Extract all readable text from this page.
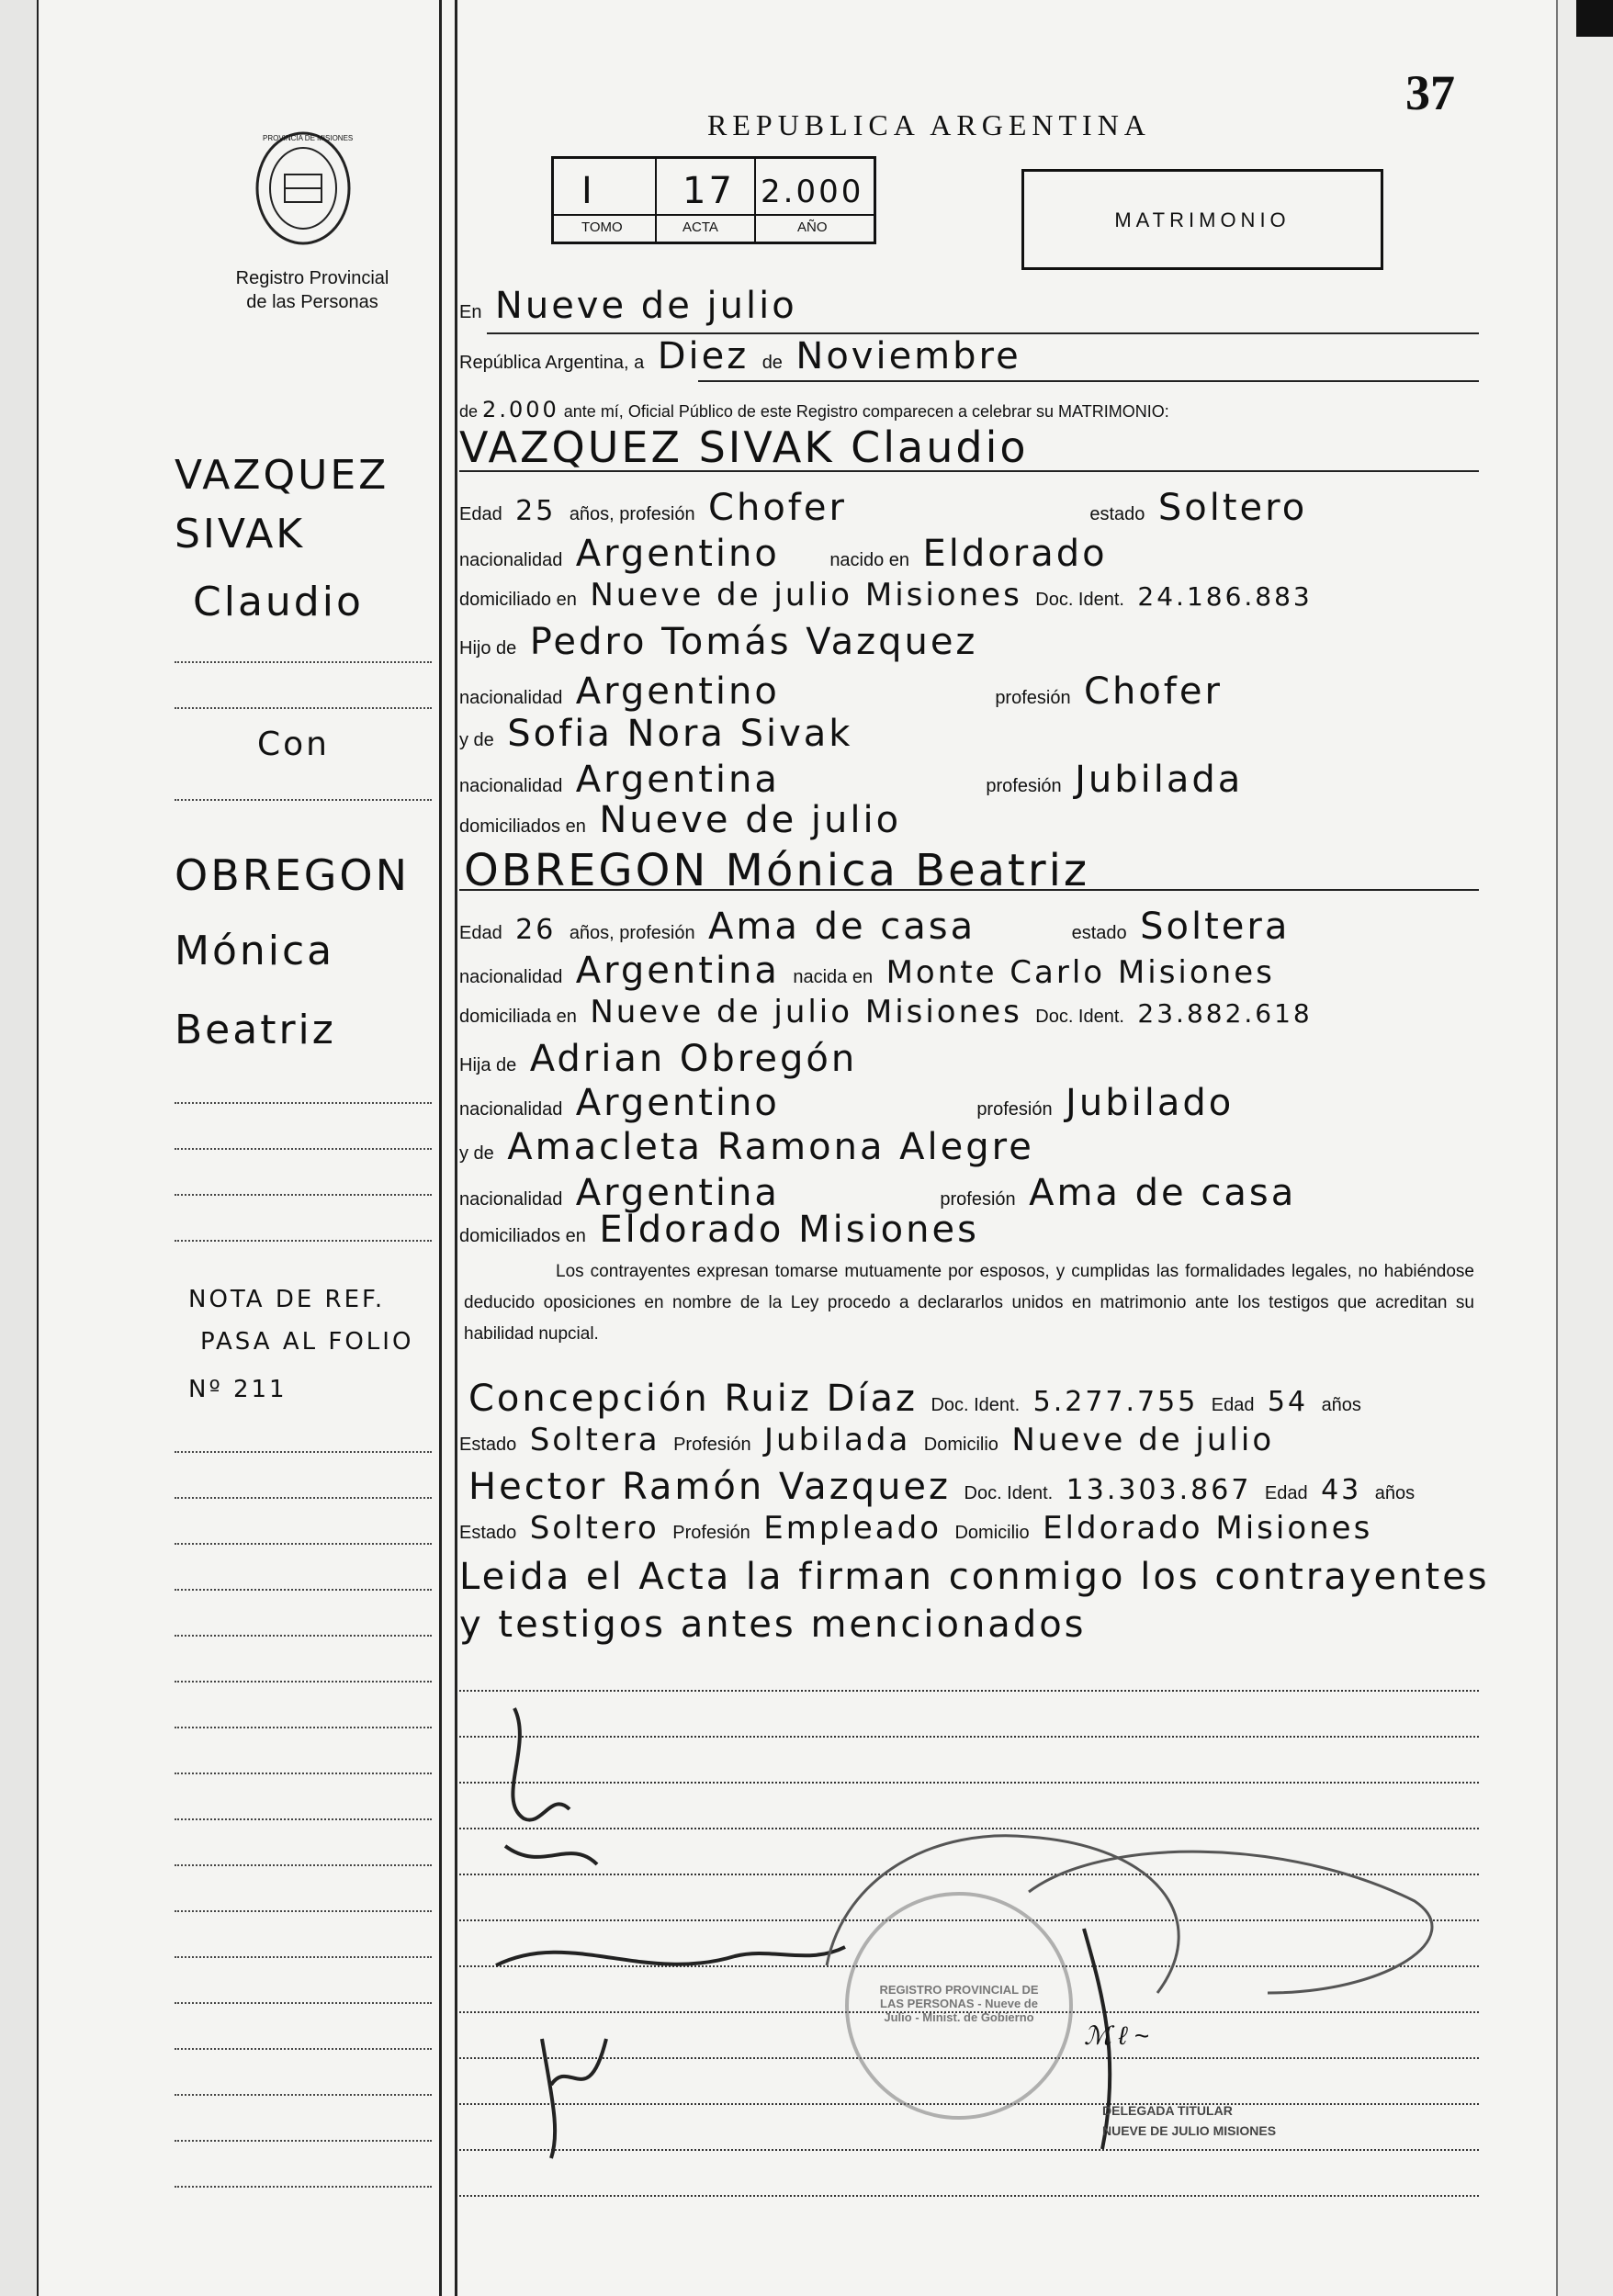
37
PROVINCIA DE MISIONES
Registro Provincial
de las Personas
REPUBLICA ARGENTINA
I 17 2.000
TOMO	ACTA	AÑO	MATRIMONIO
En Nueve de julio
República Argentina, a Diez de Noviembre
de 2.000 ante mí, Oficial Público de este Registro comparecen a celebrar su MATRIMONIO:
VAZQUEZ SIVAK Claudio
VAZQUEZ
SIVAK
Claudio
Con
Edad 25 años, profesión Chofer	estado Soltero
nacionalidad Argentino	nacido en Eldorado
domiciliado en Nueve de julio Misiones Doc. Ident. 24.186.883
Hijo de Pedro Tomás Vazquez
nacionalidad Argentino	profesión Chofer
y de Sofia Nora Sivak
nacionalidad Argentina	profesión Jubilada
domiciliados en Nueve de julio
OBREGON Mónica Beatriz
OBREGON
Mónica
Beatriz
Edad 26 años, profesión Ama de casa	estado Soltera
nacionalidad Argentina nacida en Monte Carlo Misiones
domiciliada en Nueve de julio Misiones Doc. Ident. 23.882.618
Hija de Adrian Obregón
nacionalidad Argentino	profesión Jubilado
y de Amacleta Ramona Alegre
nacionalidad Argentina	profesión Ama de casa
domiciliados en Eldorado Misiones
NOTA DE REF.
PASA AL FOLIO
Nº 211
Los contrayentes expresan tomarse mutuamente por esposos, y cumplidas las formalidades legales, no habiéndose deducido oposiciones en nombre de la Ley procedo a declararlos unidos en matrimonio ante los testigos que acreditan su habilidad nupcial.
Concepción Ruiz Díaz Doc. Ident. 5.277.755 Edad 54 años
Estado Soltera Profesión Jubilada Domicilio Nueve de julio
Hector Ramón Vazquez Doc. Ident. 13.303.867 Edad 43 años
Estado Soltero Profesión Empleado Domicilio Eldorado Misiones
Leida el Acta la firman conmigo los contrayentes
y testigos antes mencionados
REGISTRO PROVINCIAL DE LAS PERSONAS - Nueve de Julio - Minist. de Gobierno
ℳ ℓ ~
DELEGADA TITULAR
NUEVE DE JULIO MISIONES
